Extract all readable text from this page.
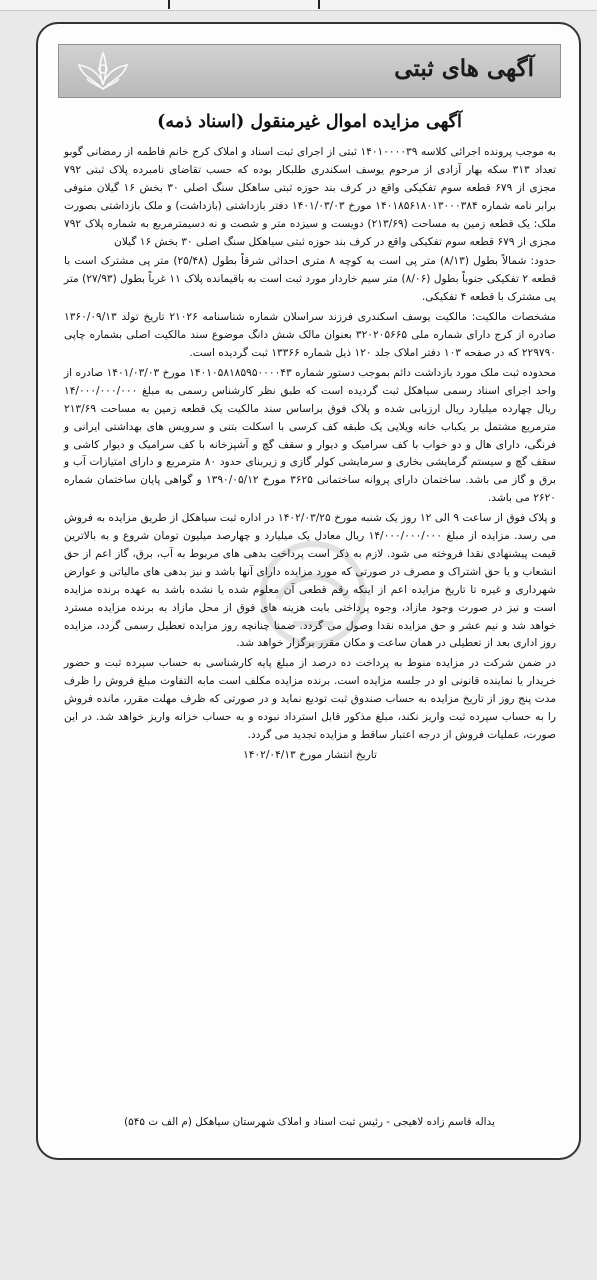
آگهی های ثبتی
آگهی مزایده اموال غیرمنقول (اسناد ذمه)

به موجب پرونده اجرائی کلاسه ۱۴۰۱۰۰۰۰۳۹ ثبتی از اجرای ثبت اسناد و املاک کرج خانم فاطمه از رمضانی گوبو تعداد ۳۱۳ سکه بهار آزادی از مرحوم یوسف اسکندری طلبکار بوده که حسب تقاضای نامبرده پلاک ثبتی ۷۹۲ مجزی از ۶۷۹ قطعه سوم تفکیکی واقع در کرف بند حوزه ثبتی ساهکل سنگ اصلی ۳۰ بخش ۱۶ گیلان متوفی برابر نامه شماره ۱۴۰۱۸۵۶۱۸۰۱۳۰۰۰۳۸۴ مورخ ۱۴۰۱/۰۳/۰۳ دفتر بازداشتی (بازداشت) و ملک بازداشتی بصورت ملک: یک قطعه زمین به مساحت (۲۱۳/۶۹) دویست و سیزده متر و شصت و نه دسیمترمربع به شماره پلاک ۷۹۲ مجزی از ۶۷۹ قطعه سوم تفکیکی واقع در کرف بند حوزه ثبتی سیاهکل سنگ اصلی ۳۰ بخش ۱۶ گیلان

حدود: شمالاً بطول (۸/۱۳) متر پی است به کوچه ۸ متری احداثی شرقاً بطول (۲۵/۴۸) متر پی مشترک است با قطعه ۲ تفکیکی جنوباً بطول (۸/۰۶) متر سیم خاردار مورد ثبت است به باقیمانده پلاک ۱۱ غرباً بطول (۲۷/۹۳) متر پی مشترک با قطعه ۴ تفکیکی.

مشخصات مالکیت: مالکیت یوسف اسکندری فرزند سراسلان شماره شناسنامه ۲۱۰۲۶ تاریخ تولد ۱۳۶۰/۰۹/۱۳ صادره از کرج دارای شماره ملی ۳۲۰۲۰۵۶۶۵ بعنوان مالک شش دانگ موضوع سند مالکیت اصلی بشماره چاپی ۲۲۹۷۹۰ که در صفحه ۱۰۳ دفتر املاک جلد ۱۲۰ ذیل شماره ۱۳۳۶۶ ثبت گردیده است.

محدوده ثبت ملک مورد بازداشت دائم بموجب دستور شماره ۱۴۰۱۰۵۸۱۸۵۹۵۰۰۰۰۴۳ مورخ ۱۴۰۱/۰۳/۰۳ صادره از واحد اجرای اسناد رسمی سیاهکل ثبت گردیده است که طبق نظر کارشناس رسمی به مبلغ ۱۴/۰۰۰/۰۰۰/۰۰۰ ریال چهارده میلیارد ریال ارزیابی شده و پلاک فوق براساس سند مالکیت یک قطعه زمین به مساحت ۲۱۳/۶۹ مترمربع مشتمل بر یکباب خانه ویلایی یک طبقه کف کرسی با اسکلت بتنی و سرویس های بهداشتی ایرانی و فرنگی، دارای هال و دو خواب با کف سرامیک و دیوار و سقف گچ و آشپزخانه با کف سرامیک و دیوار کاشی و سقف گچ و سیستم گرمایشی بخاری و سرمایشی کولر گازی و زیربنای حدود ۸۰ مترمربع و دارای امتیازات آب و برق و گاز می باشد. ساختمان دارای پروانه ساختمانی ۳۶۲۵ مورخ ۱۳۹۰/۰۵/۱۲ و گواهی پایان ساختمان شماره ۲۶۲۰ می باشد.

و پلاک فوق از ساعت ۹ الی ۱۲ روز یک شنبه مورخ ۱۴۰۲/۰۳/۲۵ در اداره ثبت سیاهکل از طریق مزایده به فروش می رسد. مزایده از مبلغ ۱۴/۰۰۰/۰۰۰/۰۰۰ ریال معادل یک میلیارد و چهارصد میلیون تومان شروع و به بالاترین قیمت پیشنهادی نقدا فروخته می شود. لازم به ذکر است پرداخت بدهی های مربوط به آب، برق، گاز اعم از حق انشعاب و یا حق اشتراک و مصرف در صورتی که مورد مزایده دارای آنها باشد و نیز بدهی های مالیاتی و عوارض شهرداری و غیره تا تاریخ مزایده اعم از اینکه رقم قطعی آن معلوم شده یا نشده باشد به عهده برنده مزایده است و نیز در صورت وجود مازاد، وجوه پرداختی بابت هزینه های فوق از محل مازاد به برنده مزایده مسترد خواهد شد و نیم عشر و حق مزایده نقدا وصول می گردد. ضمنا چنانچه روز مزایده تعطیل رسمی گردد، مزایده روز اداری بعد از تعطیلی در همان ساعت و مکان مقرر برگزار خواهد شد.

در ضمن شرکت در مزایده منوط به پرداخت ده درصد از مبلغ پایه کارشناسی به حساب سپرده ثبت و حضور خریدار یا نماینده قانونی او در جلسه مزایده است. برنده مزایده مکلف است مابه التفاوت مبلغ فروش را ظرف مدت پنج روز از تاریخ مزایده به حساب صندوق ثبت تودیع نماید و در صورتی که ظرف مهلت مقرر، مانده فروش را به حساب سپرده ثبت واریز نکند، مبلغ مذکور قابل استرداد نبوده و به حساب خزانه واریز خواهد شد. در این صورت، عملیات فروش از درجه اعتبار ساقط و مزایده تجدید می گردد.

تاریخ انتشار مورخ ۱۴۰۲/۰۴/۱۳

یداله قاسم زاده لاهیجی - رئیس ثبت اسناد و املاک شهرستان سیاهکل (م الف ت ۵۴۵)
